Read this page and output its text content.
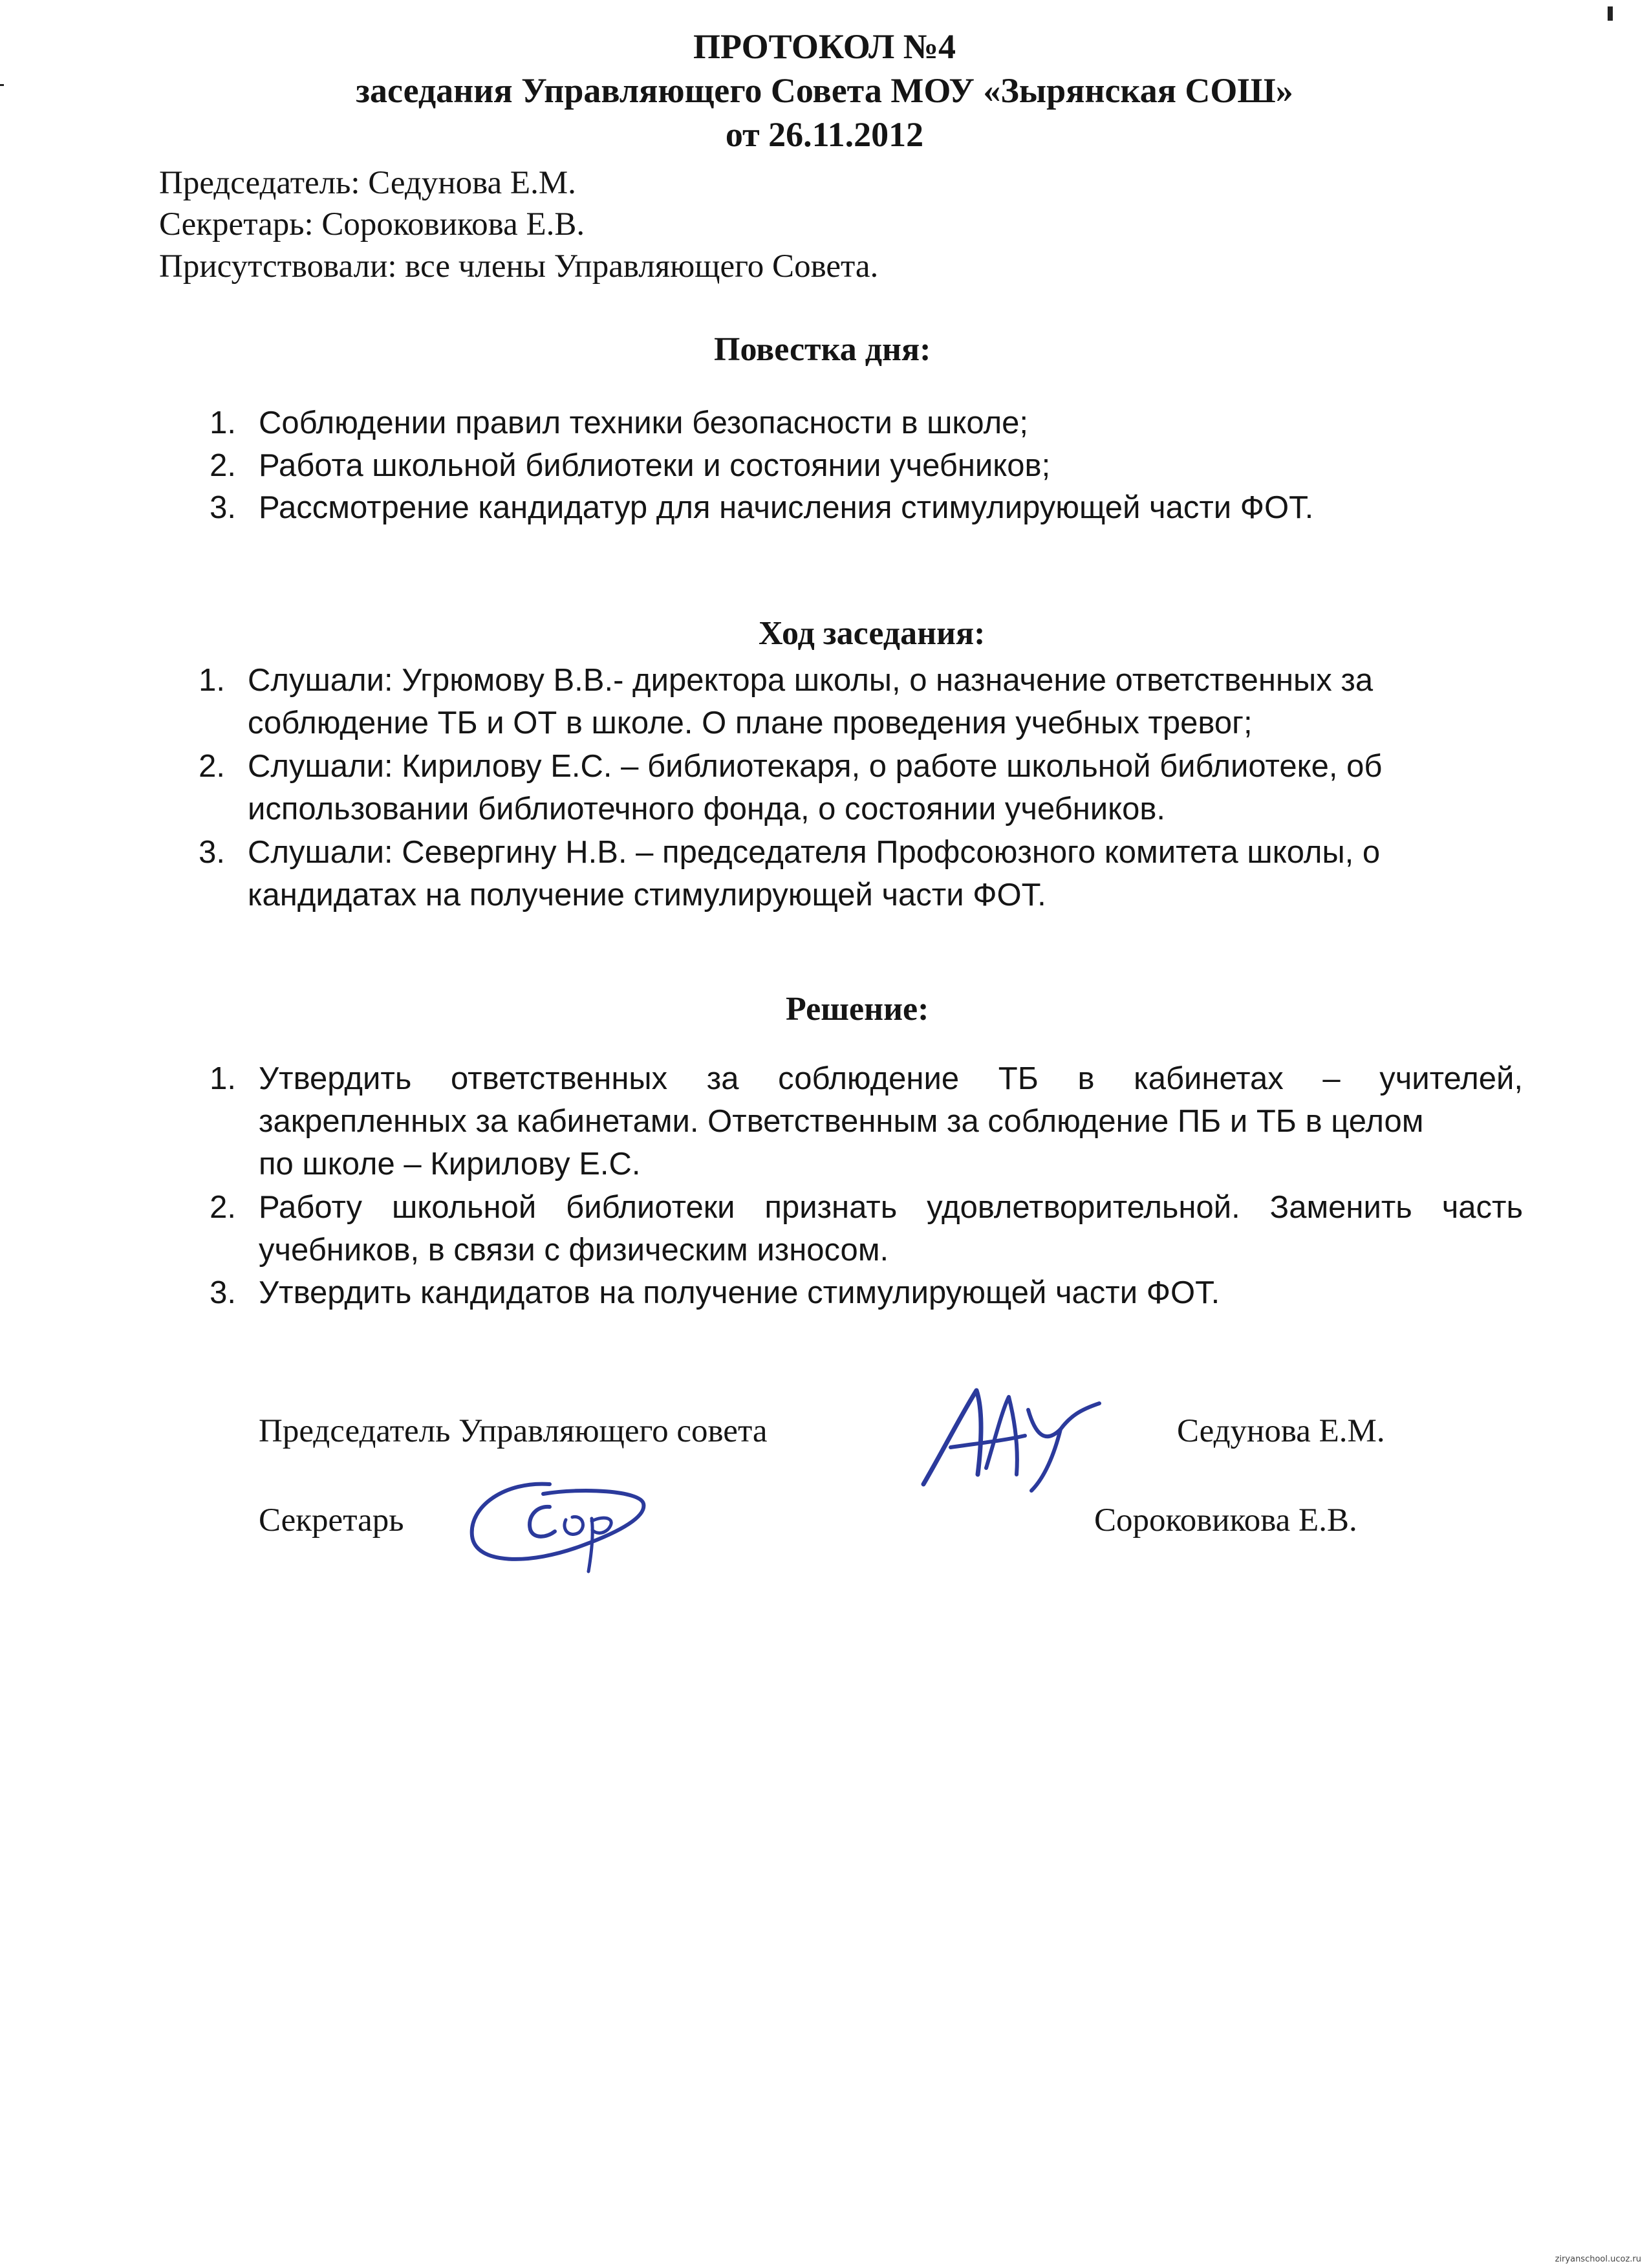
ПРОТОКОЛ №4
заседания Управляющего Совета МОУ «Зырянская СОШ»
от 26.11.2012
Председатель: Седунова Е.М.
Секретарь: Сороковикова Е.В.
Присутствовали: все члены Управляющего Совета.
Повестка дня:
1. Соблюдении правил техники безопасности в школе;
2. Работа школьной библиотеки и состоянии учебников;
3. Рассмотрение кандидатур для начисления стимулирующей части ФОТ.
Ход заседания:
1. Слушали: Угрюмову В.В.- директора школы, о назначение ответственных за
соблюдение ТБ и ОТ в школе. О плане проведения учебных тревог;
2. Слушали: Кирилову Е.С. – библиотекаря, о работе школьной библиотеке, об
использовании библиотечного фонда, о состоянии учебников.
3. Слушали: Севергину Н.В. – председателя Профсоюзного комитета школы, о
кандидатах на получение стимулирующей части ФОТ.
Решение:
1. Утвердить ответственных за соблюдение ТБ в кабинетах – учителей,
закрепленных за кабинетами. Ответственным за соблюдение ПБ и ТБ в целом
по школе – Кирилову Е.С.
2. Работу школьной библиотеки признать удовлетворительной. Заменить часть
учебников, в связи с физическим износом.
3. Утвердить кандидатов на получение стимулирующей части ФОТ.
Председатель Управляющего совета	Седунова Е.М.
Секретарь	Сороковикова Е.В.
ziryanschool.ucoz.ru
